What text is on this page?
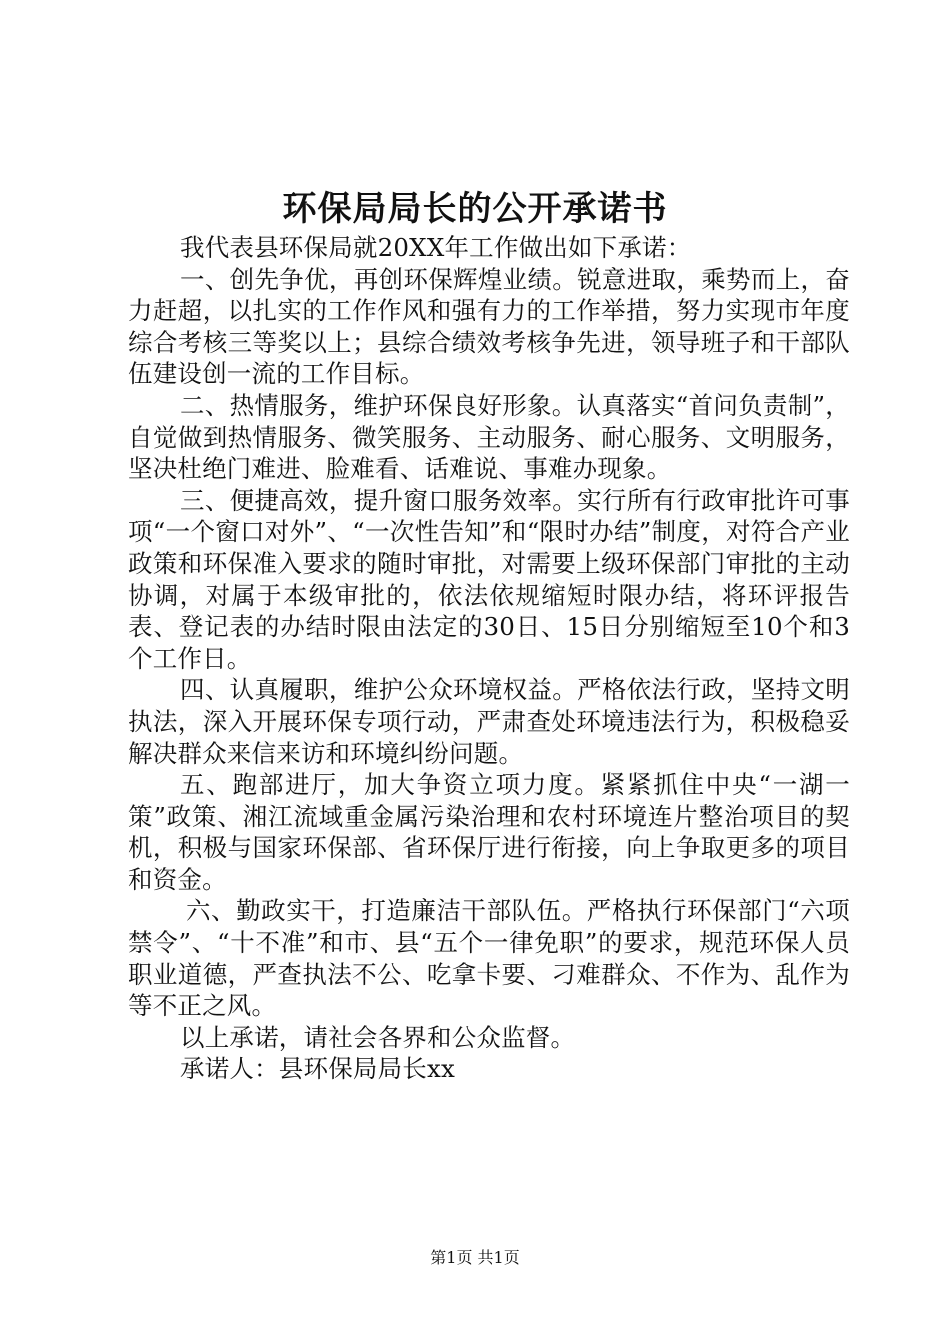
环保局局长的公开承诺书

我代表县环保局就20XX年工作做出如下承诺：

一、创先争优，再创环保辉煌业绩。锐意进取，乘势而上，奋力赶超，以扎实的工作作风和强有力的工作举措，努力实现市年度综合考核三等奖以上；县综合绩效考核争先进，领导班子和干部队伍建设创一流的工作目标。

二、热情服务，维护环保良好形象。认真落实“首问负责制”，自觉做到热情服务、微笑服务、主动服务、耐心服务、文明服务，坚决杜绝门难进、脸难看、话难说、事难办现象。

三、便捷高效，提升窗口服务效率。实行所有行政审批许可事项“一个窗口对外”、“一次性告知”和“限时办结”制度，对符合产业政策和环保准入要求的随时审批，对需要上级环保部门审批的主动协调，对属于本级审批的，依法依规缩短时限办结，将环评报告表、登记表的办结时限由法定的30日、15日分别缩短至10个和3个工作日。

四、认真履职，维护公众环境权益。严格依法行政，坚持文明执法，深入开展环保专项行动，严肃查处环境违法行为，积极稳妥解决群众来信来访和环境纠纷问题。

五、跑部进厅，加大争资立项力度。紧紧抓住中央“一湖一策”政策、湘江流域重金属污染治理和农村环境连片整治项目的契机，积极与国家环保部、省环保厅进行衔接，向上争取更多的项目和资金。

六、勤政实干，打造廉洁干部队伍。严格执行环保部门“六项禁令”、“十不准”和市、县“五个一律免职”的要求，规范环保人员职业道德，严查执法不公、吃拿卡要、刁难群众、不作为、乱作为等不正之风。

以上承诺，请社会各界和公众监督。

承诺人：县环保局局长xx

第1页 共1页
